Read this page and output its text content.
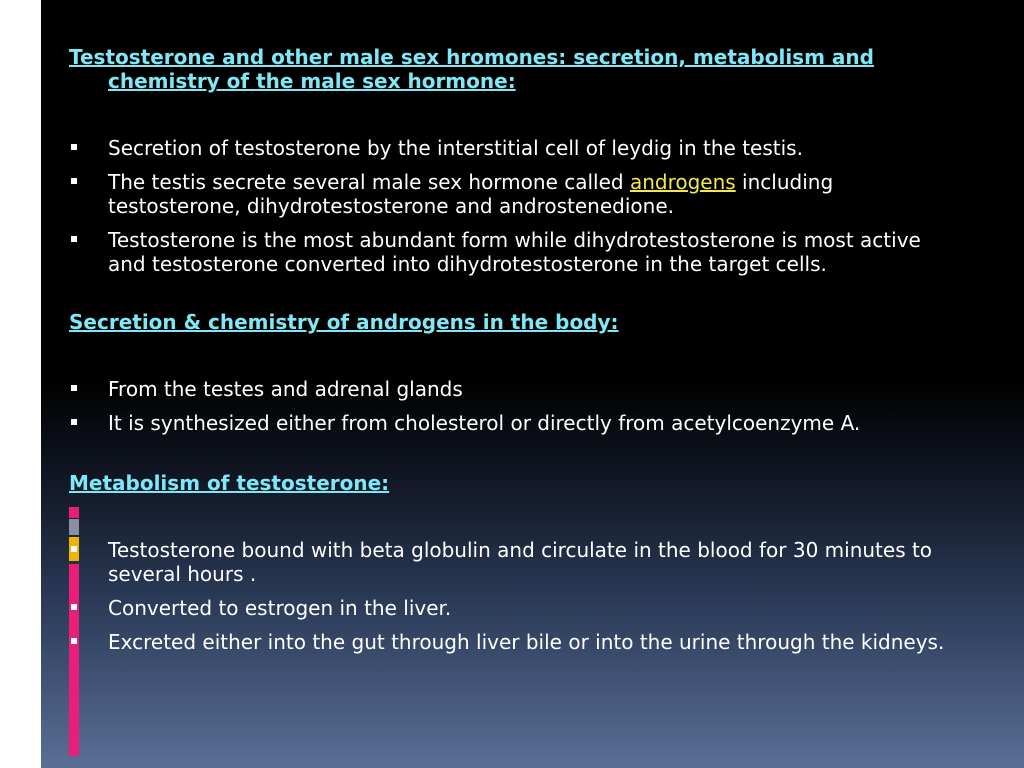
Testosterone and other male sex hromones: secretion, metabolism and chemistry of the male sex hormone:

Secretion of testosterone by the interstitial cell of leydig in the testis.
The testis secrete several male sex hormone called androgens including testosterone, dihydrotestosterone and androstenedione.
Testosterone is the most abundant form while dihydrotestosterone is most active and testosterone converted into dihydrotestosterone in the target cells.

Secretion & chemistry of androgens in the body:

From the testes and adrenal glands
It is synthesized either from cholesterol or directly from acetylcoenzyme A.

Metabolism of testosterone:

Testosterone bound with beta globulin and circulate in the blood for 30 minutes to several hours .
Converted to estrogen in the liver.
Excreted either into the gut through liver bile or into the urine through the kidneys.
